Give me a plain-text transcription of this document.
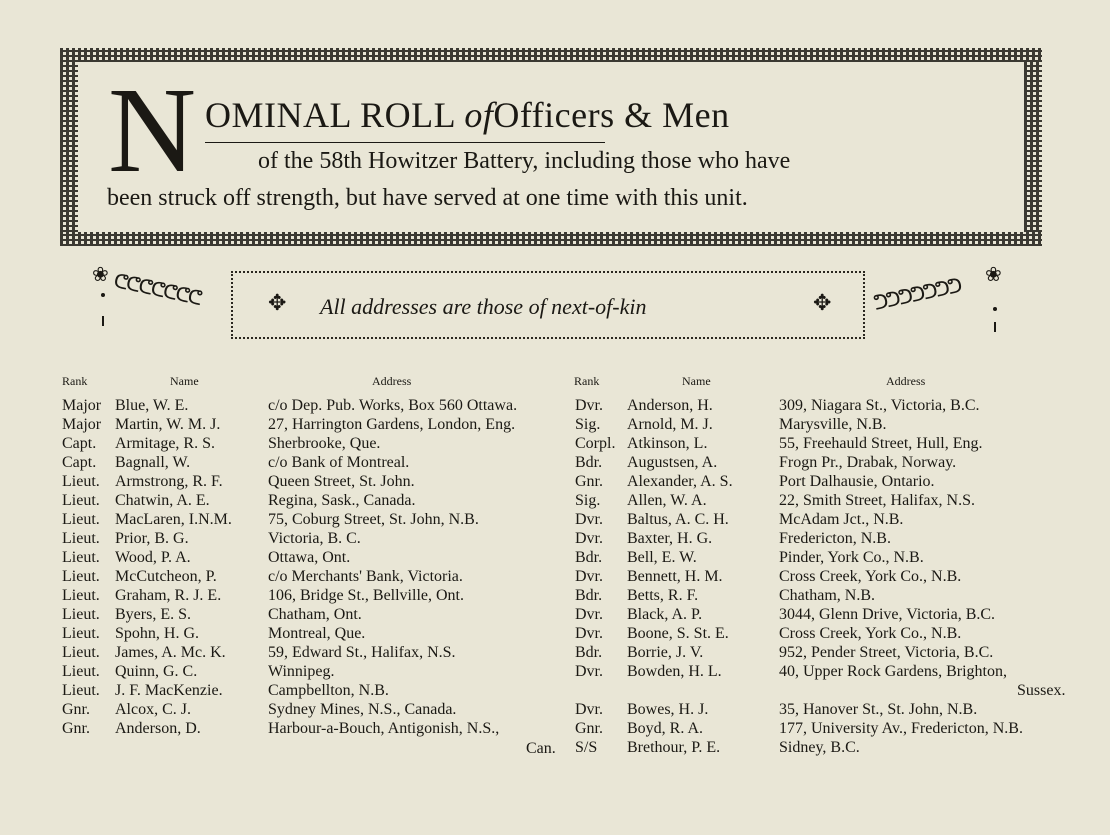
N OMINAL ROLL ofOfficers & Men
of the 58th Howitzer Battery, including those who have
been struck off strength, but have served at one time with this unit.
❀ ᕦᕦᕦᕦᕦᕦᕦ	✥ All addresses are those of next-of-kin	✥ ᕤᕤᕤᕤᕤᕤᕤ
❀
Rank	Name	Address	Rank	Name	Address
Major Blue, W. E.	c/o Dep. Pub. Works, Box 560 Ottawa.
Major Martin, W. M. J.	27, Harrington Gardens, London, Eng.
Capt. Armitage, R. S.	Sherbrooke, Que.
Capt. Bagnall, W.	c/o Bank of Montreal.
Lieut. Armstrong, R. F.	Queen Street, St. John.
Lieut. Chatwin, A. E.	Regina, Sask., Canada.
Lieut. MacLaren, I.N.M. 75, Coburg Street, St. John, N.B.
Lieut. Prior, B. G.	Victoria, B. C.
Lieut. Wood, P. A.	Ottawa, Ont.
Lieut. McCutcheon, P.	c/o Merchants' Bank, Victoria.
Lieut. Graham, R. J. E.	106, Bridge St., Bellville, Ont.
Lieut. Byers, E. S.	Chatham, Ont.
Lieut. Spohn, H. G.	Montreal, Que.
Lieut. James, A. Mc. K.	59, Edward St., Halifax, N.S.
Lieut. Quinn, G. C.	Winnipeg.
Lieut. J. F. MacKenzie.	Campbellton, N.B.
Gnr. Alcox, C. J.	Sydney Mines, N.S., Canada.
Gnr. Anderson, D.	Harbour-a-Bouch, Antigonish, N.S.,
Dvr. Anderson, H.	309, Niagara St., Victoria, B.C.
Sig. Arnold, M. J.	Marysville, N.B.
Corpl. Atkinson, L.	55, Freehauld Street, Hull, Eng.
Bdr. Augustsen, A.	Frogn Pr., Drabak, Norway.
Gnr. Alexander, A. S.	Port Dalhausie, Ontario.
Sig. Allen, W. A.	22, Smith Street, Halifax, N.S.
Dvr. Baltus, A. C. H.	McAdam Jct., N.B.
Dvr. Baxter, H. G.	Fredericton, N.B.
Bdr. Bell, E. W.	Pinder, York Co., N.B.
Dvr. Bennett, H. M.	Cross Creek, York Co., N.B.
Bdr. Betts, R. F.	Chatham, N.B.
Dvr. Black, A. P.	3044, Glenn Drive, Victoria, B.C.
Dvr. Boone, S. St. E.	Cross Creek, York Co., N.B.
Bdr. Borrie, J. V.	952, Pender Street, Victoria, B.C.
Dvr. Bowden, H. L.	40, Upper Rock Gardens, Brighton,
Sussex.
Dvr. Bowes, H. J.	35, Hanover St., St. John, N.B.
Gnr. Boyd, R. A.	177, University Av., Fredericton, N.B.
S/S Brethour, P. E.	Sidney, B.C.
Can.
